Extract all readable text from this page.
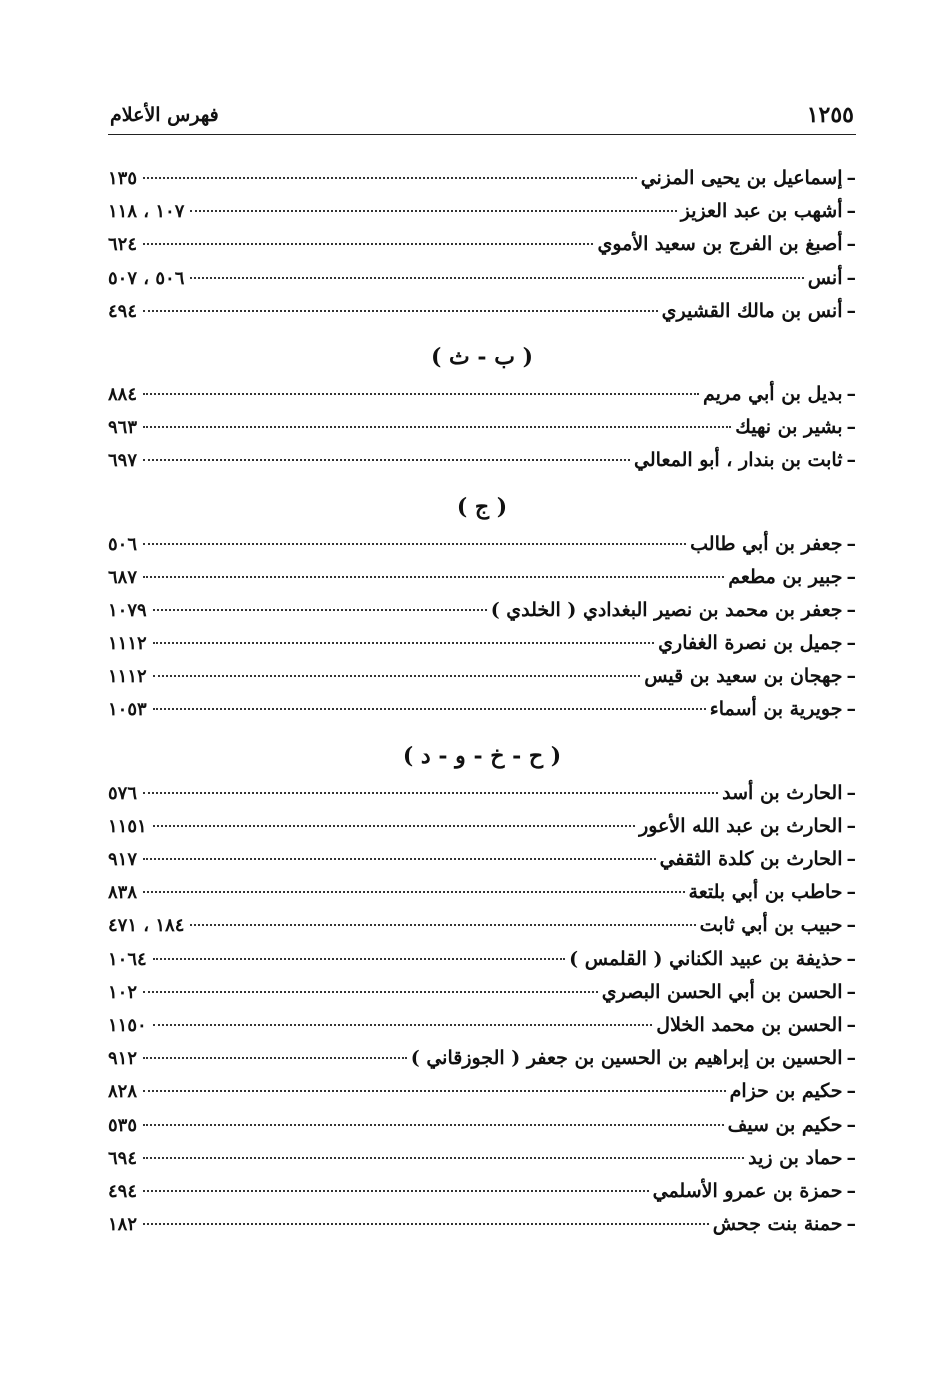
١٢٥٥
فهرس الأعلام
–
إسماعيل بن يحيى المزني
١٣٥
–
أشهب بن عبد العزيز
١٠٧ ، ١١٨
–
أصبغ بن الفرج بن سعيد الأموي
٦٢٤
–
أنس
٥٠٦ ، ٥٠٧
–
أنس بن مالك القشيري
٤٩٤
( ب - ث )
–
بديل بن أبي مريم
٨٨٤
–
بشير بن نهيك
٩٦٣
–
ثابت بن بندار ، أبو المعالي
٦٩٧
( ج )
–
جعفر بن أبي طالب
٥٠٦
–
جبير بن مطعم
٦٨٧
–
جعفر بن محمد بن نصير البغدادي ( الخلدي )
١٠٧٩
–
جميل بن نصرة الغفاري
١١١٢
–
جهجان بن سعيد بن قيس
١١١٢
–
جويرية بن أسماء
١٠٥٣
( ح - خ - و - د )
–
الحارث بن أسد
٥٧٦
–
الحارث بن عبد الله الأعور
١١٥١
–
الحارث بن كلدة الثقفي
٩١٧
–
حاطب بن أبي بلتعة
٨٣٨
–
حبيب بن أبي ثابت
١٨٤ ، ٤٧١
–
حذيفة بن عبيد الكناني ( القلمس )
١٠٦٤
–
الحسن بن أبي الحسن البصري
١٠٢
–
الحسن بن محمد الخلال
١١٥٠
–
الحسين بن إبراهيم بن الحسين بن جعفر ( الجوزقاني )
٩١٢
–
حكيم بن حزام
٨٢٨
–
حكيم بن سيف
٥٣٥
–
حماد بن زيد
٦٩٤
–
حمزة بن عمرو الأسلمي
٤٩٤
–
حمنة بنت جحش
١٨٢
